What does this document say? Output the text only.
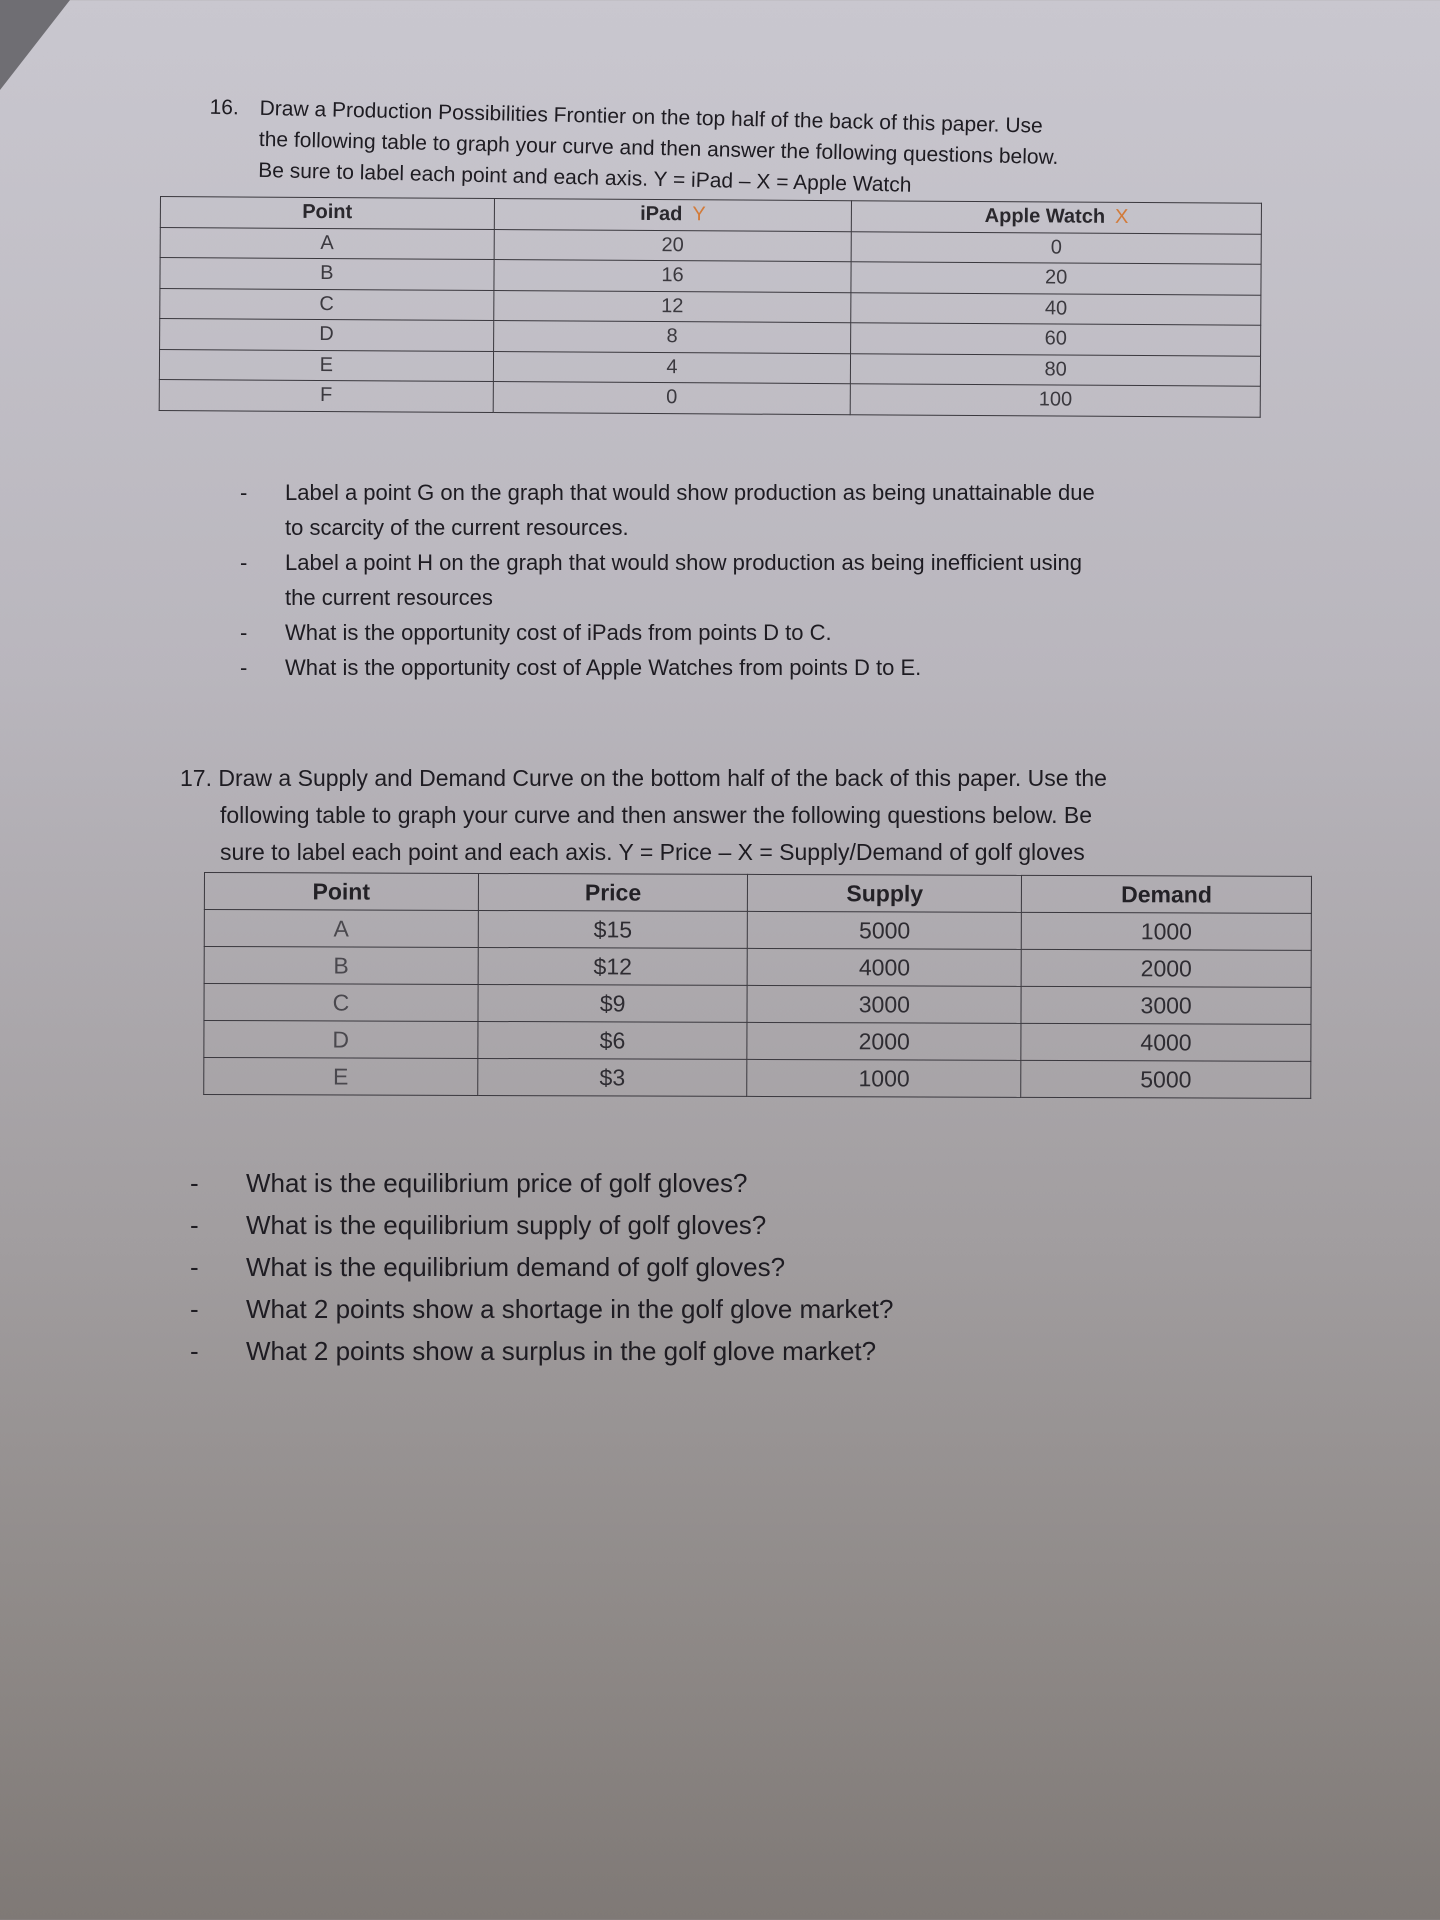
16. Draw a Production Possibilities Frontier on the top half of the back of this paper. Use
the following table to graph your curve and then answer the following questions below.
Be sure to label each point and each axis. Y = iPad – X = Apple Watch
Point	iPad Y	Apple Watch X
A	20	0
B	16	20
C	12	40
D	8	60
E	4	80
F	0	100
- Label a point G on the graph that would show production as being unattainable due
to scarcity of the current resources.
- Label a point H on the graph that would show production as being inefficient using
the current resources
- What is the opportunity cost of iPads from points D to C.
- What is the opportunity cost of Apple Watches from points D to E.
17. Draw a Supply and Demand Curve on the bottom half of the back of this paper. Use the
following table to graph your curve and then answer the following questions below. Be
sure to label each point and each axis. Y = Price – X = Supply/Demand of golf gloves
Point	Price	Supply	Demand
A	$15	5000	1000
B	$12	4000	2000
C	$9	3000	3000
D	$6	2000	4000
E	$3	1000	5000
- What is the equilibrium price of golf gloves?
- What is the equilibrium supply of golf gloves?
- What is the equilibrium demand of golf gloves?
- What 2 points show a shortage in the golf glove market?
- What 2 points show a surplus in the golf glove market?
